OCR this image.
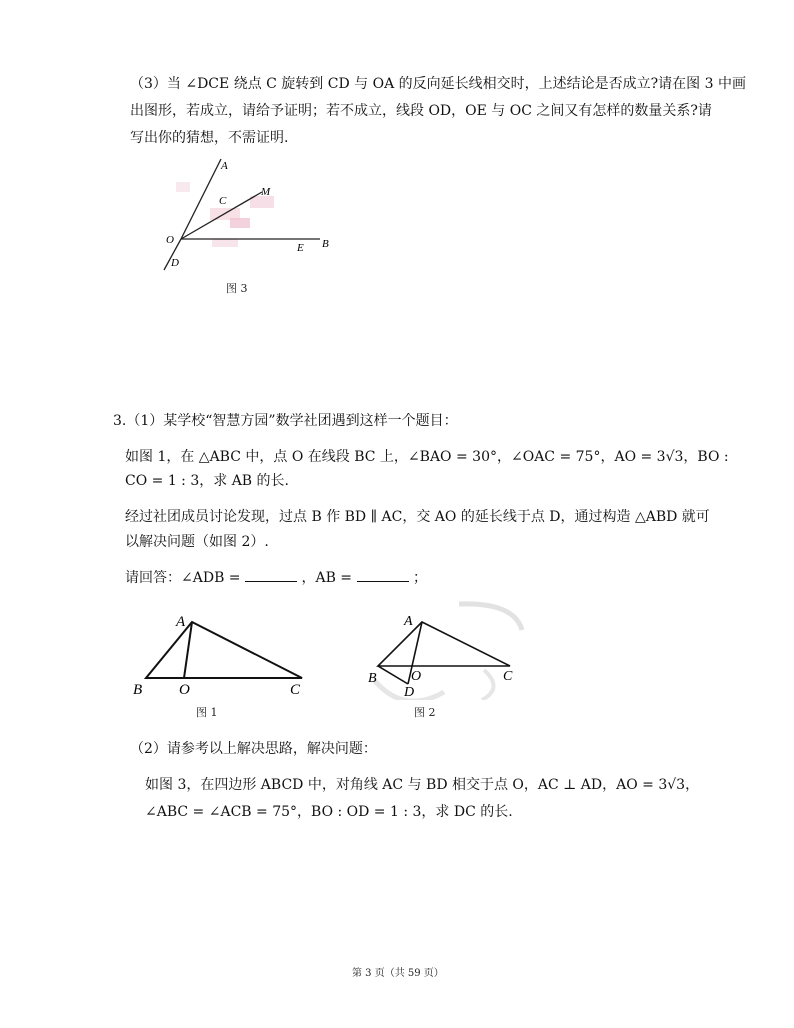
（3）当 ∠DCE 绕点 C 旋转到 CD 与 OA 的反向延长线相交时，上述结论是否成立?请在图 3 中画
出图形，若成立，请给予证明；若不成立，线段 OD，OE 与 OC 之间又有怎样的数量关系?请
写出你的猜想，不需证明.
A
C
M
O
E B
D
图 3
3.（1）某学校“智慧方园”数学社团遇到这样一个题目：
如图 1，在 △ABC 中，点 O 在线段 BC 上，∠BAO = 30°，∠OAC = 75°，AO = 3√3，BO :
CO = 1 : 3，求 AB 的长.
经过社团成员讨论发现，过点 B 作 BD ∥ AC，交 AO 的延长线于点 D，通过构造 △ABD 就可
以解决问题（如图 2）.
请回答：∠ADB =	，AB =	；
A
B O	C
图 1
A
B O
D
C
图 2
（2）请参考以上解决思路，解决问题：
如图 3，在四边形 ABCD 中，对角线 AC 与 BD 相交于点 O，AC ⊥ AD，AO = 3√3，
∠ABC = ∠ACB = 75°，BO : OD = 1 : 3，求 DC 的长.
第 3 页（共 59 页）
